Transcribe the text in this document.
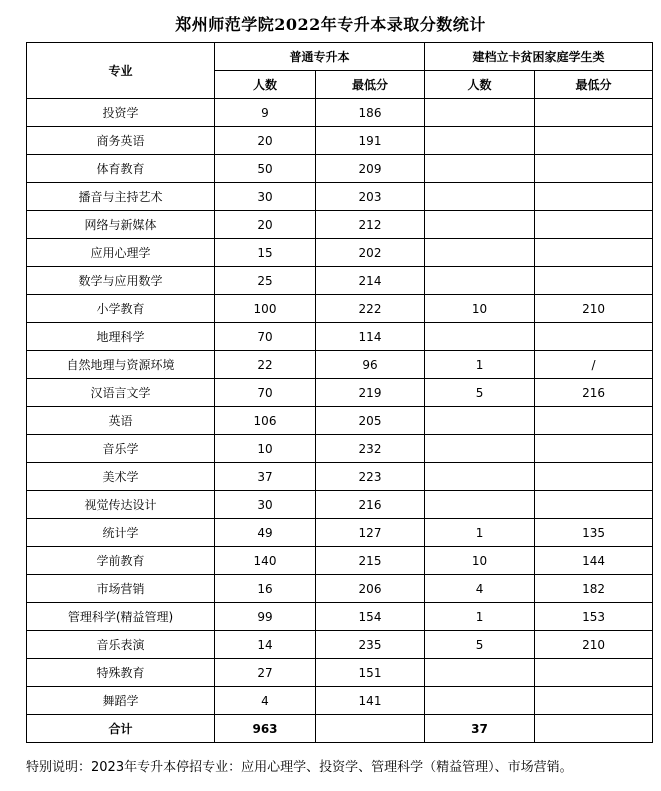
郑州师范学院2022年专升本录取分数统计
专业	普通专升本		建档立卡贫困家庭学生类	
	人数	最低分	人数	最低分
投资学	9	186		
商务英语	20	191		
体育教育	50	209		
播音与主持艺术	30	203		
网络与新媒体	20	212		
应用心理学	15	202		
数学与应用数学	25	214		
小学教育	100	222	10	210
地理科学	70	114		
自然地理与资源环境	22	96	1	/
汉语言文学	70	219	5	216
英语	106	205		
音乐学	10	232		
美术学	37	223		
视觉传达设计	30	216		
统计学	49	127	1	135
学前教育	140	215	10	144
市场营销	16	206	4	182
管理科学(精益管理)	99	154	1	153
音乐表演	14	235	5	210
特殊教育	27	151		
舞蹈学	4	141		
合计	963		37	
特别说明：2023年专升本停招专业：应用心理学、投资学、管理科学（精益管理）、市场营销。
